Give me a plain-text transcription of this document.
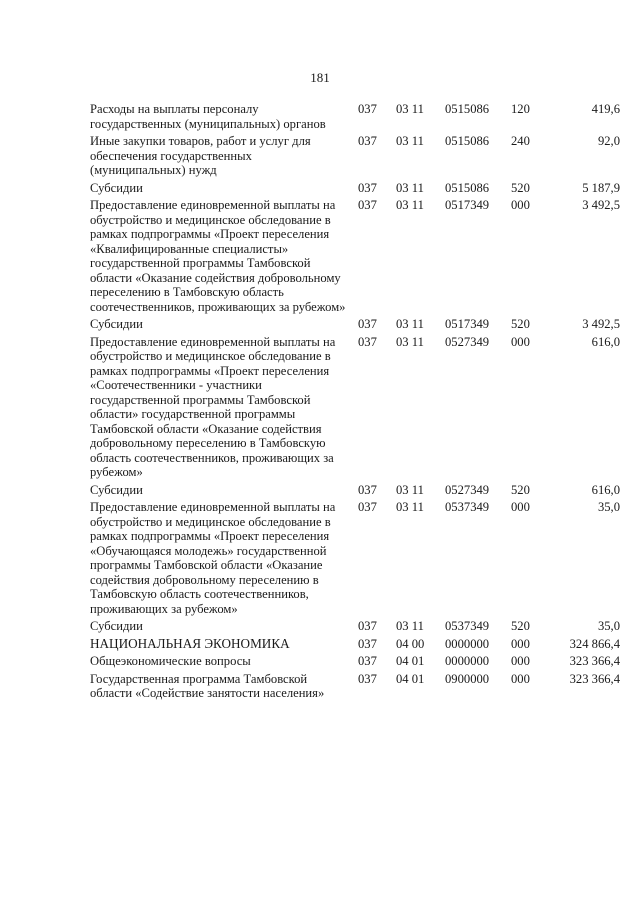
181
Расходы на выплаты персоналу государственных (муниципальных) органов	037	03 11	0515086	120	419,6
Иные закупки товаров, работ и услуг для обеспечения государственных (муниципальных) нужд	037	03 11	0515086	240	92,0
Субсидии	037	03 11	0515086	520	5 187,9
Предоставление единовременной выплаты на обустройство и медицинское обследование в рамках подпрограммы «Проект переселения «Квалифицированные специалисты» государственной программы Тамбовской области «Оказание содействия добровольному переселению в Тамбовскую область соотечественников, проживающих за рубежом»	037	03 11	0517349	000	3 492,5
Субсидии	037	03 11	0517349	520	3 492,5
Предоставление единовременной выплаты на обустройство и медицинское обследование в рамках подпрограммы «Проект переселения «Соотечественники - участники государственной программы Тамбовской области» государственной программы Тамбовской области «Оказание содействия добровольному переселению в Тамбовскую область соотечественников, проживающих за рубежом»	037	03 11	0527349	000	616,0
Субсидии	037	03 11	0527349	520	616,0
Предоставление единовременной выплаты на обустройство и медицинское обследование в рамках подпрограммы «Проект переселения «Обучающаяся молодежь» государственной программы Тамбовской области «Оказание содействия добровольному переселению в Тамбовскую область соотечественников, проживающих за рубежом»	037	03 11	0537349	000	35,0
Субсидии	037	03 11	0537349	520	35,0
НАЦИОНАЛЬНАЯ ЭКОНОМИКА	037	04 00	0000000	000	324 866,4
Общеэкономические вопросы	037	04 01	0000000	000	323 366,4
Государственная программа Тамбовской области «Содействие занятости населения»	037	04 01	0900000	000	323 366,4
